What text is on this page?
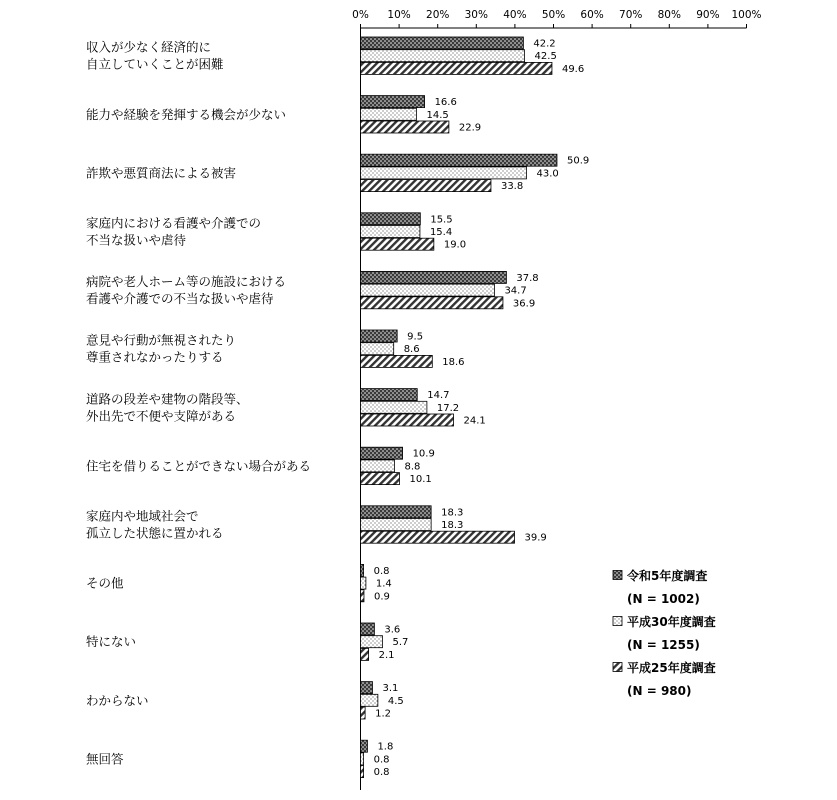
0% 10% 20% 30% 40% 50% 60% 70% 80% 90% 100%
収入が少なく経済的に
自立していくことが困難
42.2
42.5
49.6
能力や経験を発揮する機会が少ない
16.6
14.5
22.9
詐欺や悪質商法による被害
50.9
43.0
33.8
家庭内における看護や介護での
不当な扱いや虐待
15.5
15.4
19.0
病院や老人ホーム等の施設における
看護や介護での不当な扱いや虐待
37.8
34.7
36.9
意見や行動が無視されたり
尊重されなかったりする
9.5
8.6
18.6
道路の段差や建物の階段等、
外出先で不便や支障がある
14.7
17.2
24.1
住宅を借りることができない場合がある
10.9
8.8
10.1
家庭内や地域社会で
孤立した状態に置かれる
18.3
18.3
39.9
その他
0.8
1.4
0.9
特にない
3.6
5.7
2.1
わからない
3.1
4.5
1.2
無回答
1.8
0.8
0.8
令和5年度調査
(N = 1002)
平成30年度調査
(N = 1255)
平成25年度調査
(N = 980)
